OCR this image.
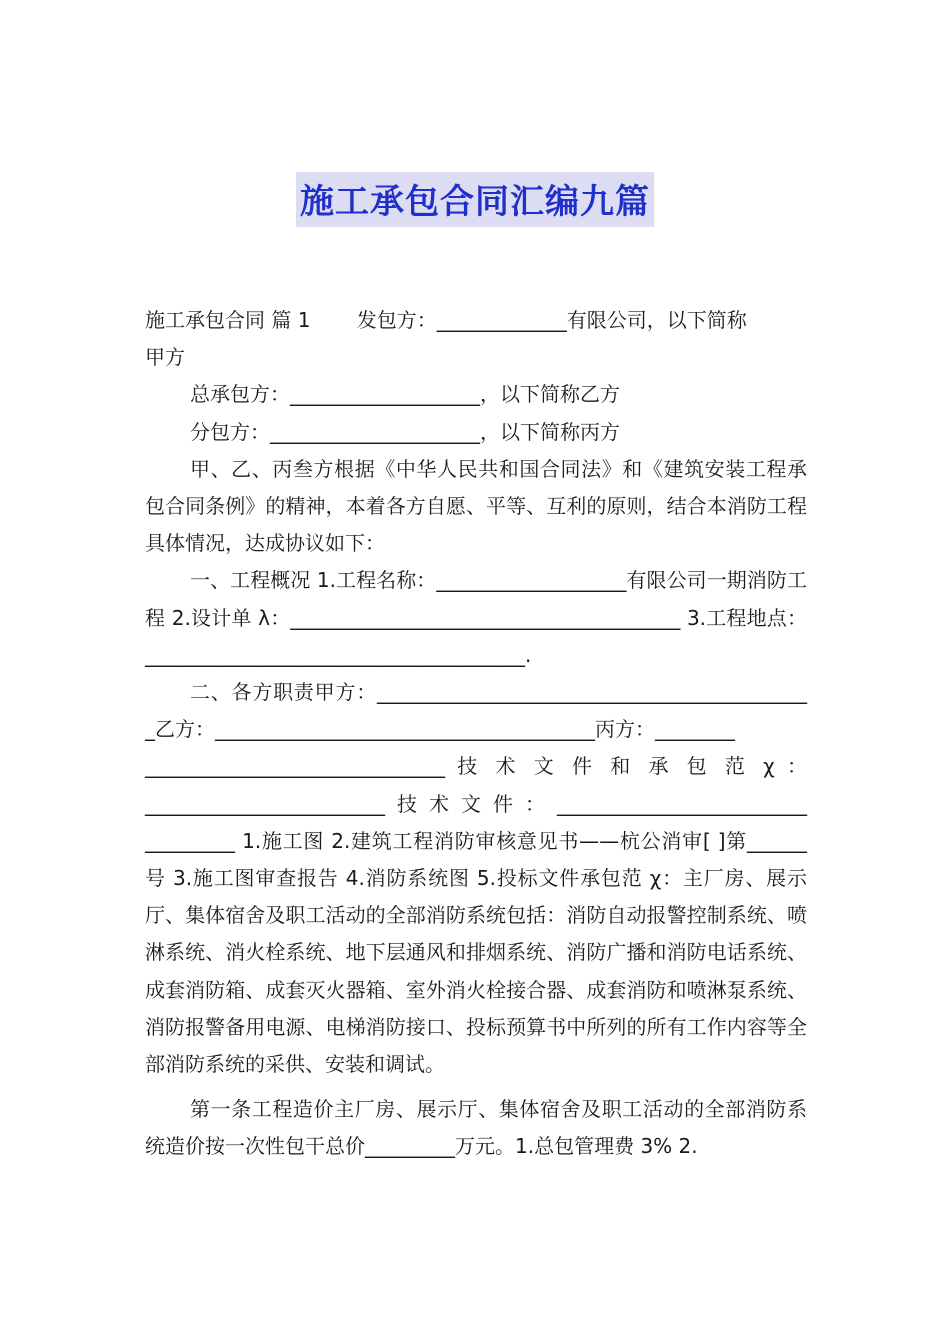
施工承包合同汇编九篇

施工承包合同 篇 1 　　发包方：_____________有限公司，以下简称

甲方

总承包方：___________________，以下简称乙方

分包方：_____________________，以下简称丙方

甲、乙、丙叁方根据《中华人民共和国合同法》和《建筑安装工程承包合同条例》的精神，本着各方自愿、平等、互利的原则，结合本消防工程具体情况，达成协议如下：

一、工程概况 1.工程名称：___________________有限公司一期消防工程 2.设计单 λ：_______________________________________ 3.工程地点：______________________________________.

二、各方职责甲方：____________________________________________乙方：______________________________________丙方：________

______________________________ 技 术 文 件 和 承 包 范 χ ：

________________________技术文件：_________________________

_________ 1.施工图 2.建筑工程消防审核意见书——杭公消审[ ]第______号 3.施工图审查报告 4.消防系统图 5.投标文件承包范 χ：主厂房、展示厅、集体宿舍及职工活动的全部消防系统包括：消防自动报警控制系统、喷淋系统、消火栓系统、地下层通风和排烟系统、消防广播和消防电话系统、成套消防箱、成套灭火器箱、室外消火栓接合器、成套消防和喷淋泵系统、消防报警备用电源、电梯消防接口、投标预算书中所列的所有工作内容等全部消防系统的采供、安装和调试。

第一条工程造价主厂房、展示厅、集体宿舍及职工活动的全部消防系统造价按一次性包干总价_________万元。1.总包管理费 3% 2.
